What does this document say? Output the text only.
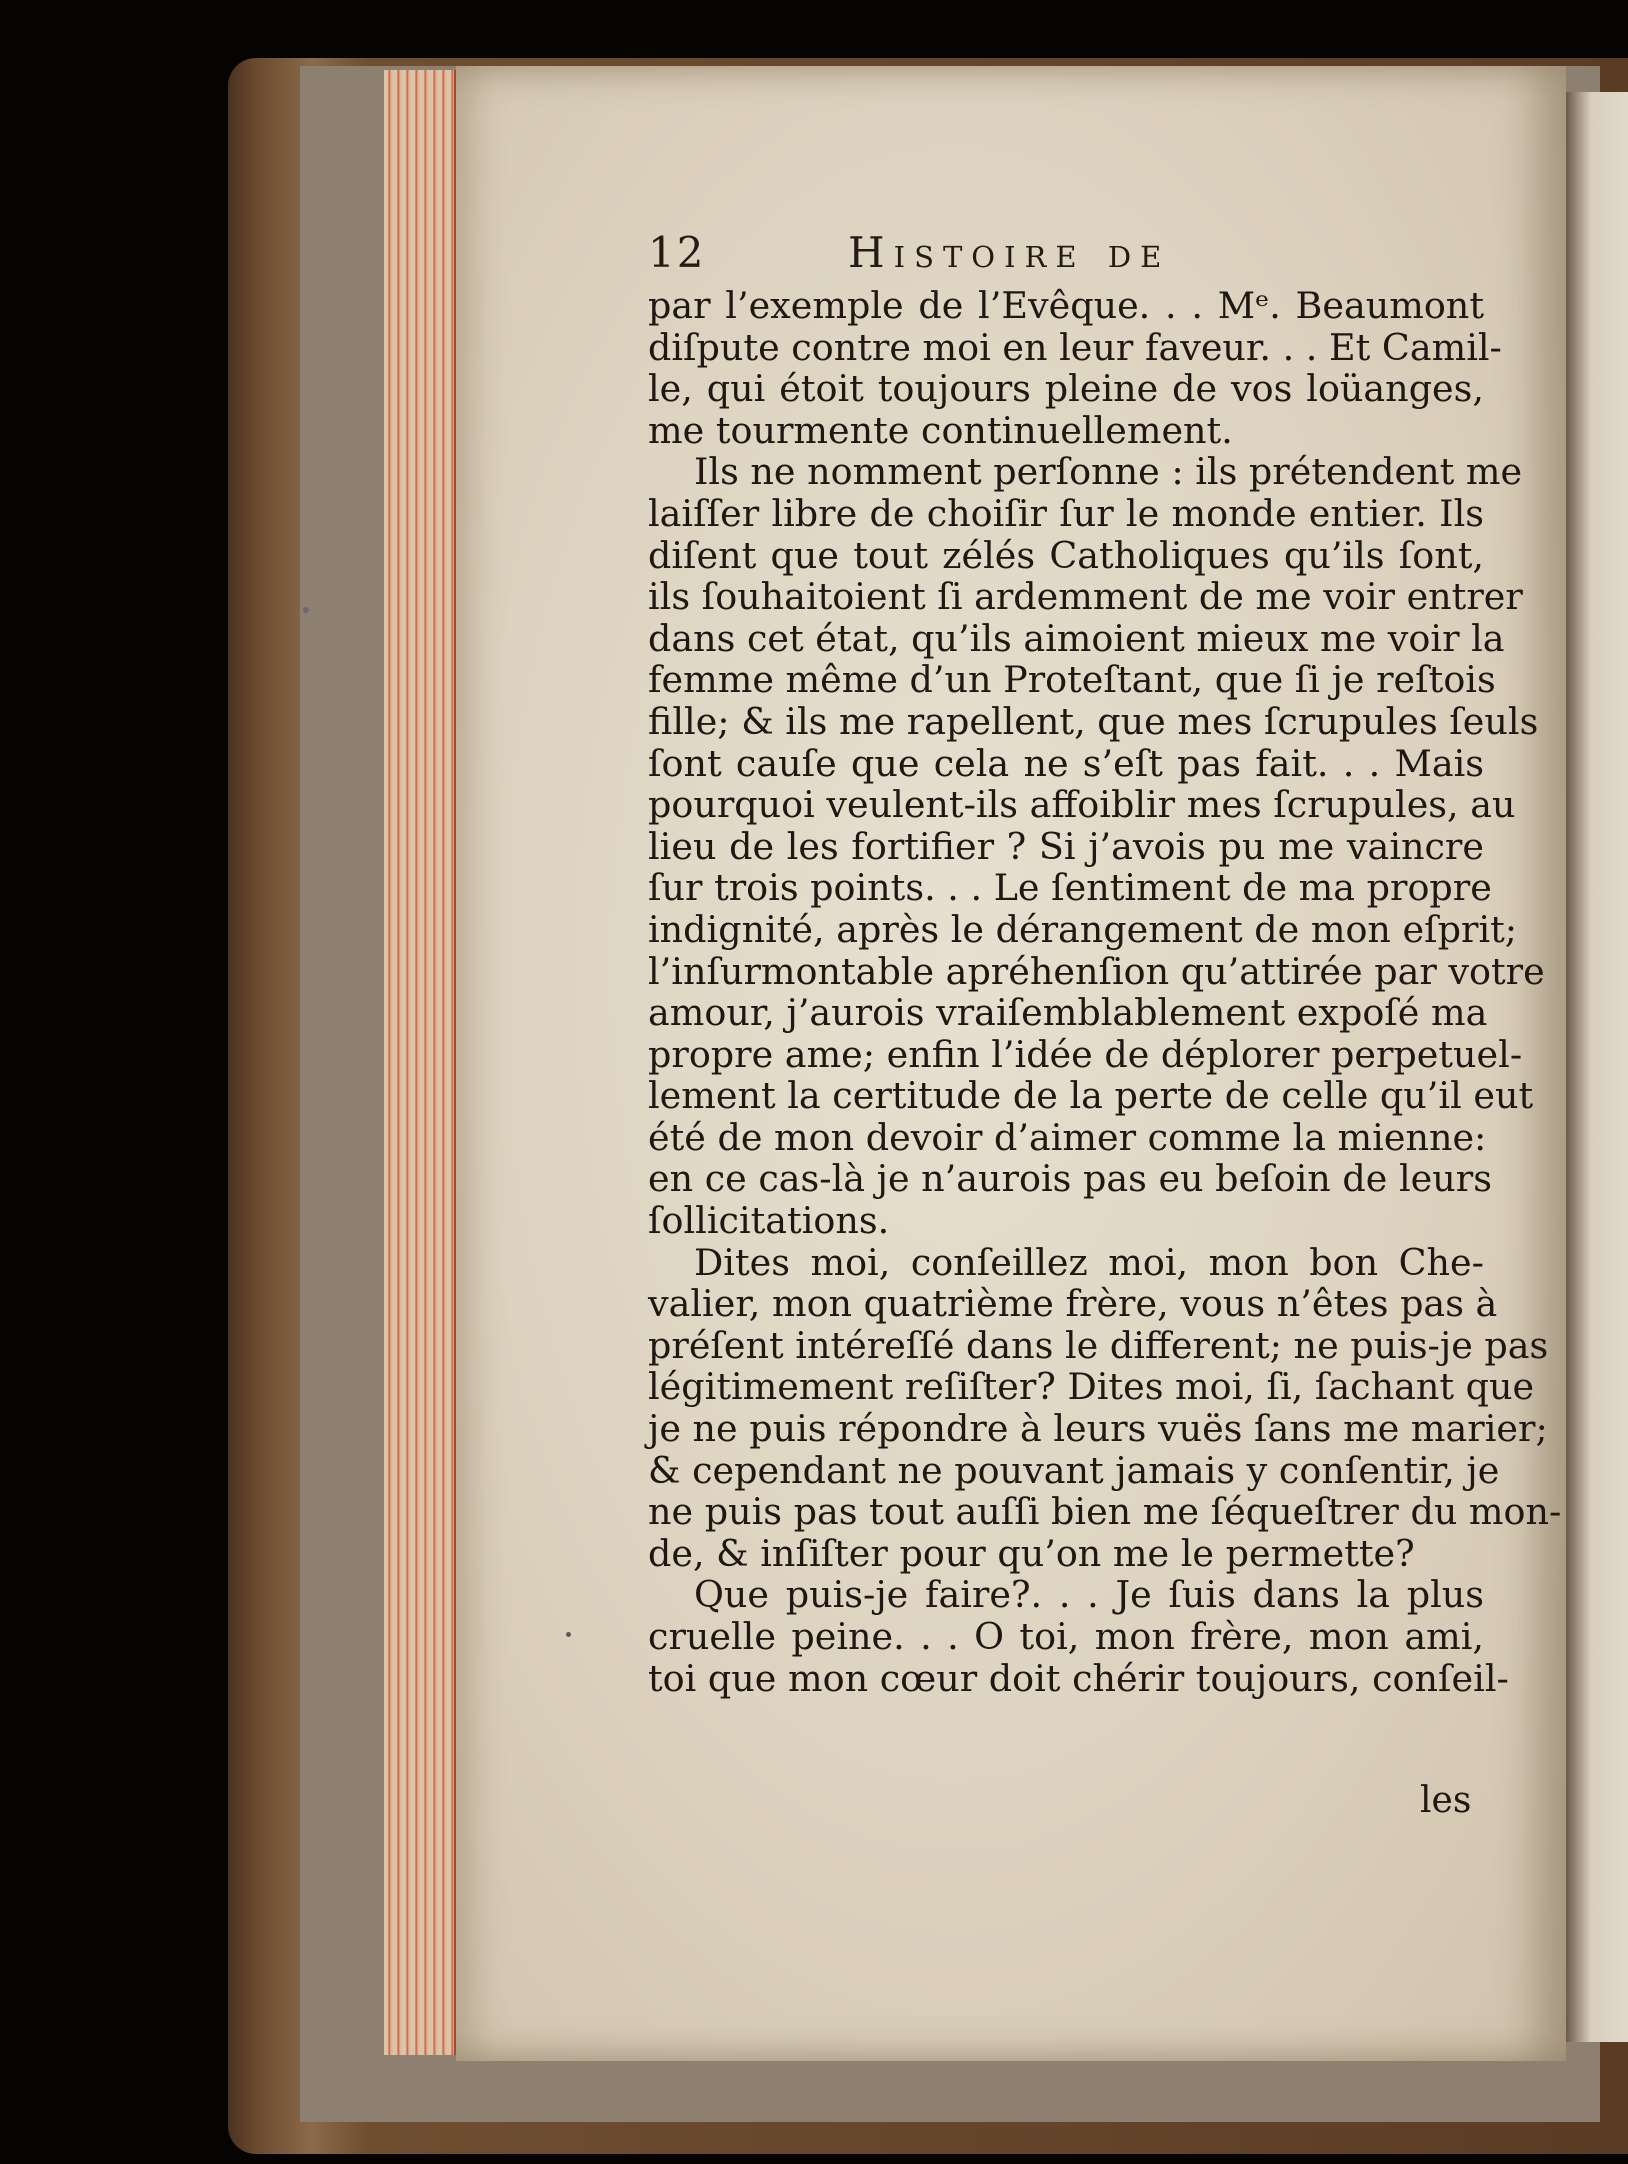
12	Histoire de
par l’exemple de l’Evêque. . . Mᵉ. Beaumont
diſpute contre moi en leur faveur. . . Et Camil-
le, qui étoit toujours pleine de vos loüanges,
me tourmente continuellement.
Ils ne nomment perſonne : ils prétendent me
laiſſer libre de choiſir ſur le monde entier. Ils
diſent que tout zélés Catholiques qu’ils ſont,
ils ſouhaitoient ſi ardemment de me voir entrer
dans cet état, qu’ils aimoient mieux me voir la
femme même d’un Proteſtant, que ſi je reſtois
fille; & ils me rapellent, que mes ſcrupules ſeuls
ſont cauſe que cela ne s’eſt pas fait. . . Mais
pourquoi veulent-ils affoiblir mes ſcrupules, au
lieu de les fortifier ? Si j’avois pu me vaincre
ſur trois points. . . Le ſentiment de ma propre
indignité, après le dérangement de mon eſprit;
l’inſurmontable apréhenſion qu’attirée par votre
amour, j’aurois vraiſemblablement expoſé ma
propre ame; enfin l’idée de déplorer perpetuel-
lement la certitude de la perte de celle qu’il eut
été de mon devoir d’aimer comme la mienne:
en ce cas-là je n’aurois pas eu beſoin de leurs
ſollicitations.
Dites moi, conſeillez moi, mon bon Che-
valier, mon quatrième frère, vous n’êtes pas à
préſent intéreſſé dans le different; ne puis-je pas
légitimement reſiſter? Dites moi, ſi, ſachant que
je ne puis répondre à leurs vuës ſans me marier;
& cependant ne pouvant jamais y conſentir, je
ne puis pas tout auſſi bien me ſéqueſtrer du mon-
de, & inſiſter pour qu’on me le permette?
Que puis-je faire?. . . Je ſuis dans la plus
cruelle peine. . . O toi, mon frère, mon ami,
toi que mon cœur doit chérir toujours, conſeil-
les
